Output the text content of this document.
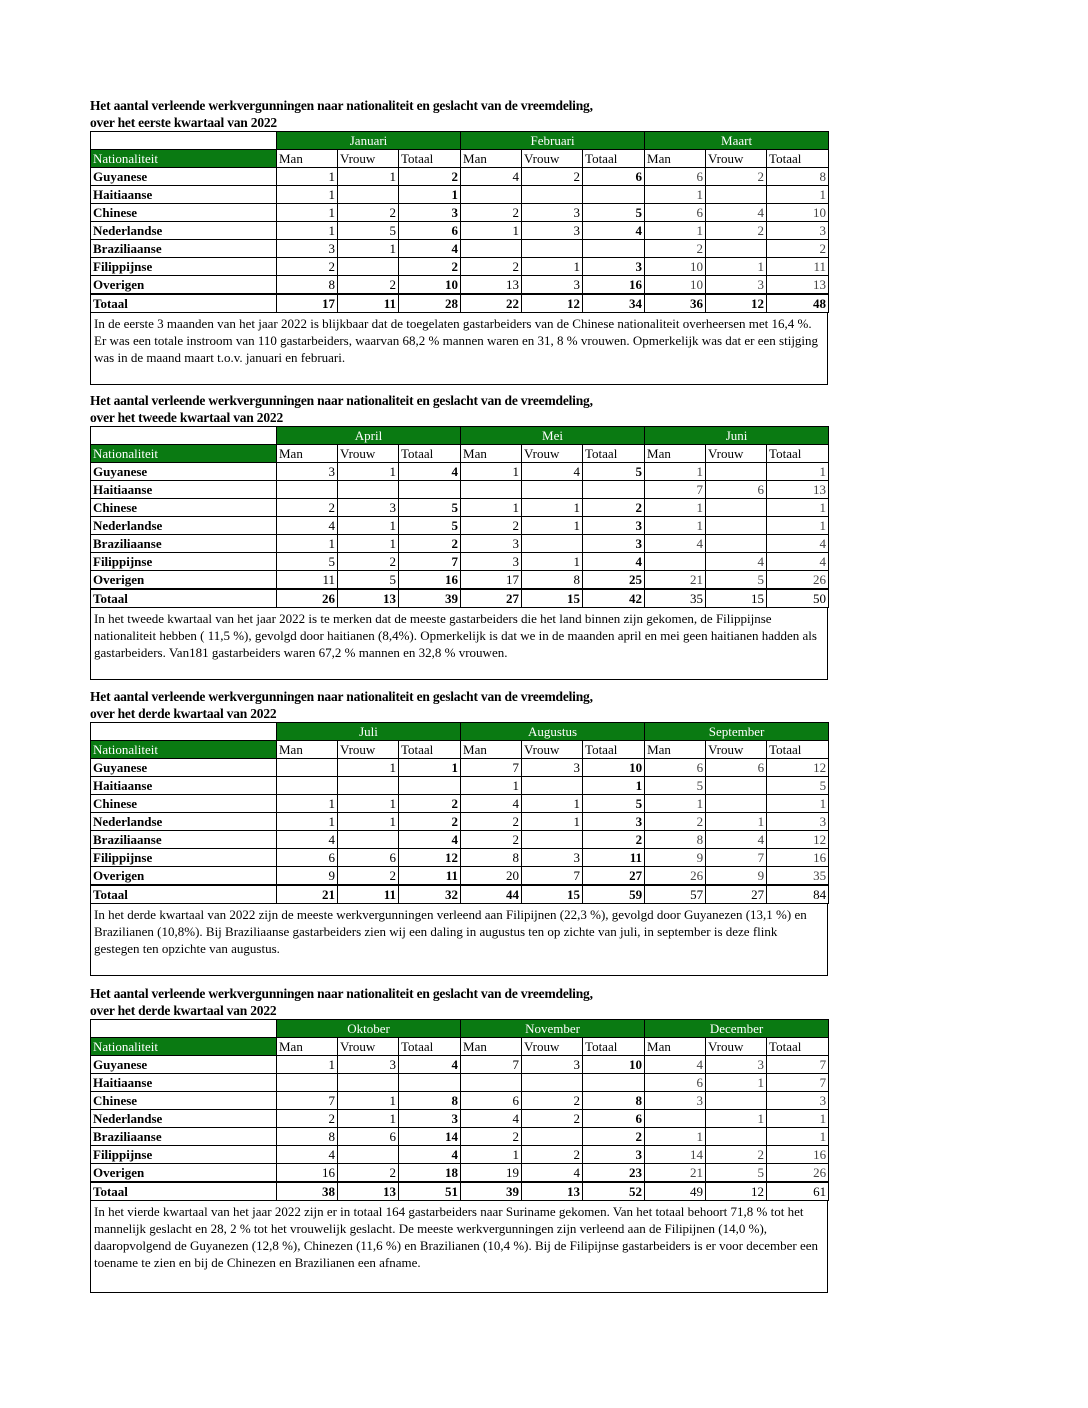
Het aantal verleende werkvergunningen naar nationaliteit en geslacht van de vreemdeling,
over het eerste kwartaal van 2022
	Januari			Februari			Maart		
Nationaliteit	Man	Vrouw	Totaal	Man	Vrouw	Totaal	Man	Vrouw	Totaal
Guyanese	1	1	2	4	2	6	6	2	8
Haitiaanse	1		1				1		1
Chinese	1	2	3	2	3	5	6	4	10
Nederlandse	1	5	6	1	3	4	1	2	3
Braziliaanse	3	1	4				2		2
Filippijnse	2		2	2	1	3	10	1	11
Overigen	8	2	10	13	3	16	10	3	13
Totaal	17	11	28	22	12	34	36	12	48
In de eerste 3 maanden van het jaar 2022 is blijkbaar dat de toegelaten gastarbeiders van de Chinese nationaliteit overheersen met 16,4 %. Er was een totale instroom van 110 gastarbeiders, waarvan 68,2 % mannen waren en 31, 8 % vrouwen. Opmerkelijk was dat er een stijging was in de maand maart t.o.v. januari en februari.
Het aantal verleende werkvergunningen naar nationaliteit en geslacht van de vreemdeling,
over het tweede kwartaal van 2022
	April			Mei			Juni		
Nationaliteit	Man	Vrouw	Totaal	Man	Vrouw	Totaal	Man	Vrouw	Totaal
Guyanese	3	1	4	1	4	5	1		1
Haitiaanse							7	6	13
Chinese	2	3	5	1	1	2	1		1
Nederlandse	4	1	5	2	1	3	1		1
Braziliaanse	1	1	2	3		3	4		4
Filippijnse	5	2	7	3	1	4		4	4
Overigen	11	5	16	17	8	25	21	5	26
Totaal	26	13	39	27	15	42	35	15	50
In het tweede kwartaal van het jaar 2022 is te merken dat de meeste gastarbeiders die het land binnen zijn gekomen, de Filippijnse nationaliteit hebben ( 11,5 %), gevolgd door haitianen (8,4%). Opmerkelijk is dat we in de maanden april en mei geen haitianen hadden als gastarbeiders. Van181 gastarbeiders waren 67,2 % mannen en 32,8 % vrouwen.
Het aantal verleende werkvergunningen naar nationaliteit en geslacht van de vreemdeling,
over het derde kwartaal van 2022
	Juli			Augustus			September		
Nationaliteit	Man	Vrouw	Totaal	Man	Vrouw	Totaal	Man	Vrouw	Totaal
Guyanese		1	1	7	3	10	6	6	12
Haitiaanse				1		1	5		5
Chinese	1	1	2	4	1	5	1		1
Nederlandse	1	1	2	2	1	3	2	1	3
Braziliaanse	4		4	2		2	8	4	12
Filippijnse	6	6	12	8	3	11	9	7	16
Overigen	9	2	11	20	7	27	26	9	35
Totaal	21	11	32	44	15	59	57	27	84
In het derde kwartaal van 2022 zijn de meeste werkvergunningen verleend aan Filipijnen (22,3 %), gevolgd door Guyanezen (13,1 %) en Brazilianen (10,8%). Bij Braziliaanse gastarbeiders zien wij een daling in augustus ten op zichte van juli, in september is deze flink gestegen ten opzichte van augustus.
Het aantal verleende werkvergunningen naar nationaliteit en geslacht van de vreemdeling,
over het derde kwartaal van 2022
	Oktober			November			December		
Nationaliteit	Man	Vrouw	Totaal	Man	Vrouw	Totaal	Man	Vrouw	Totaal
Guyanese	1	3	4	7	3	10	4	3	7
Haitiaanse							6	1	7
Chinese	7	1	8	6	2	8	3		3
Nederlandse	2	1	3	4	2	6		1	1
Braziliaanse	8	6	14	2		2	1		1
Filippijnse	4		4	1	2	3	14	2	16
Overigen	16	2	18	19	4	23	21	5	26
Totaal	38	13	51	39	13	52	49	12	61
In het vierde kwartaal van het jaar 2022 zijn er in totaal 164 gastarbeiders naar Suriname gekomen. Van het totaal behoort 71,8 % tot het mannelijk geslacht en 28, 2 % tot het vrouwelijk geslacht. De meeste werkvergunningen zijn verleend aan de Filipijnen (14,0 %), daaropvolgend de Guyanezen (12,8 %), Chinezen (11,6 %) en Brazilianen (10,4 %). Bij de Filipijnse gastarbeiders is er voor december een toename te zien en bij de Chinezen en Brazilianen een afname.
